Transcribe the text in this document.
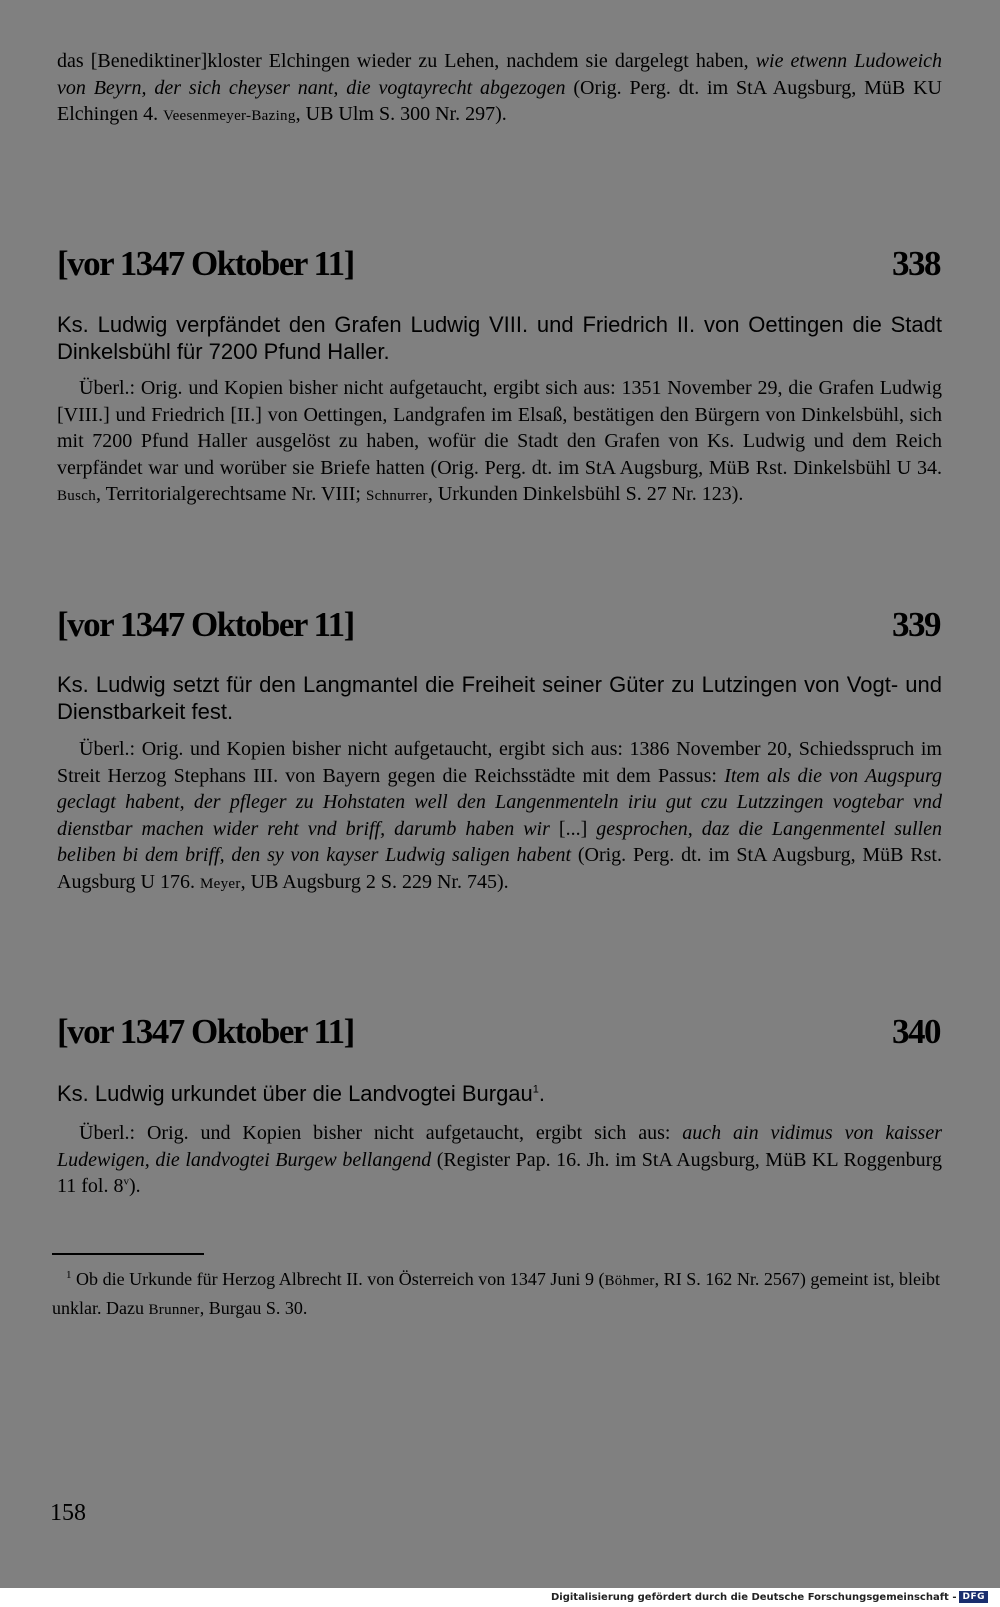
das [Benediktiner]kloster Elchingen wieder zu Lehen, nachdem sie dargelegt haben, wie etwenn Ludoweich von Beyrn, der sich cheyser nant, die vogtayrecht abgezogen (Orig. Perg. dt. im StA Augsburg, MüB KU Elchingen 4. Veesenmeyer-Bazing, UB Ulm S. 300 Nr. 297).

[vor 1347 Oktober 11]	338

Ks. Ludwig verpfändet den Grafen Ludwig VIII. und Friedrich II. von Oettingen die Stadt Dinkelsbühl für 7200 Pfund Haller.

Überl.: Orig. und Kopien bisher nicht aufgetaucht, ergibt sich aus: 1351 November 29, die Grafen Ludwig [VIII.] und Friedrich [II.] von Oettingen, Landgrafen im Elsaß, bestätigen den Bürgern von Dinkelsbühl, sich mit 7200 Pfund Haller ausgelöst zu haben, wofür die Stadt den Grafen von Ks. Ludwig und dem Reich verpfändet war und worüber sie Briefe hatten (Orig. Perg. dt. im StA Augsburg, MüB Rst. Dinkelsbühl U 34. Busch, Territorialgerechtsame Nr. VIII; Schnurrer, Urkunden Dinkelsbühl S. 27 Nr. 123).

[vor 1347 Oktober 11]	339

Ks. Ludwig setzt für den Langmantel die Freiheit seiner Güter zu Lutzingen von Vogt- und Dienstbarkeit fest.

Überl.: Orig. und Kopien bisher nicht aufgetaucht, ergibt sich aus: 1386 November 20, Schiedsspruch im Streit Herzog Stephans III. von Bayern gegen die Reichsstädte mit dem Passus: Item als die von Augspurg geclagt habent, der pfleger zu Hohstaten well den Langenmenteln iriu gut czu Lutzzingen vogtebar vnd dienstbar machen wider reht vnd briff, darumb haben wir [...] gesprochen, daz die Langenmentel sullen beliben bi dem briff, den sy von kayser Ludwig saligen habent (Orig. Perg. dt. im StA Augsburg, MüB Rst. Augsburg U 176. Meyer, UB Augsburg 2 S. 229 Nr. 745).

[vor 1347 Oktober 11]	340

Ks. Ludwig urkundet über die Landvogtei Burgau$^1$.

Überl.: Orig. und Kopien bisher nicht aufgetaucht, ergibt sich aus: auch ain vidimus von kaisser Ludewigen, die landvogtei Burgew bellangend (Register Pap. 16. Jh. im StA Augsburg, MüB KL Roggenburg 11 fol. 8$^v$).

$^1$ Ob die Urkunde für Herzog Albrecht II. von Österreich von 1347 Juni 9 (Böhmer, RI S. 162 Nr. 2567) gemeint ist, bleibt unklar. Dazu Brunner, Burgau S. 30.

158
Digitalisierung gefördert durch die Deutsche Forschungsgemeinschaft - DFG
